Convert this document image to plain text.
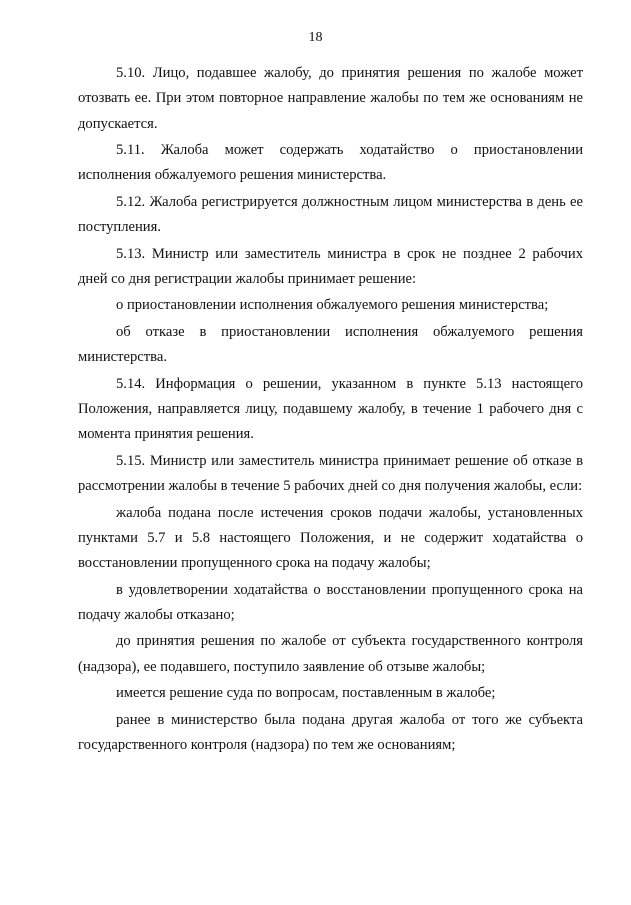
18

5.10. Лицо, подавшее жалобу, до принятия решения по жалобе может отозвать ее. При этом повторное направление жалобы по тем же основаниям не допускается.

5.11. Жалоба может содержать ходатайство о приостановлении исполнения обжалуемого решения министерства.

5.12. Жалоба регистрируется должностным лицом министерства в день ее поступления.

5.13. Министр или заместитель министра в срок не позднее 2 рабочих дней со дня регистрации жалобы принимает решение:

о приостановлении исполнения обжалуемого решения министерства;

об отказе в приостановлении исполнения обжалуемого решения министерства.

5.14. Информация о решении, указанном в пункте 5.13 настоящего Положения, направляется лицу, подавшему жалобу, в течение 1 рабочего дня с момента принятия решения.

5.15. Министр или заместитель министра принимает решение об отказе в рассмотрении жалобы в течение 5 рабочих дней со дня получения жалобы, если:

жалоба подана после истечения сроков подачи жалобы, установленных пунктами 5.7 и 5.8 настоящего Положения, и не содержит ходатайства о восстановлении пропущенного срока на подачу жалобы;

в удовлетворении ходатайства о восстановлении пропущенного срока на подачу жалобы отказано;

до принятия решения по жалобе от субъекта государственного контроля (надзора), ее подавшего, поступило заявление об отзыве жалобы;

имеется решение суда по вопросам, поставленным в жалобе;

ранее в министерство была подана другая жалоба от того же субъекта государственного контроля (надзора) по тем же основаниям;
